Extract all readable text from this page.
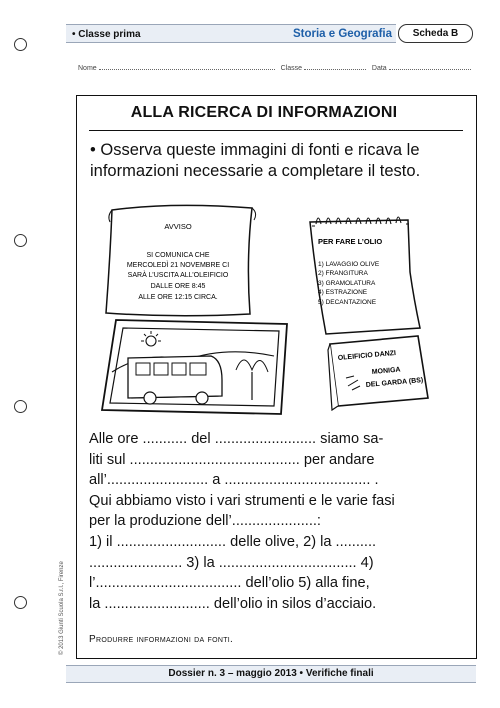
• Classe prima	Storia e Geografia	Scheda B
Nome	Classe	Data
ALLA RICERCA DI INFORMAZIONI
• Osserva queste immagini di fonti e ricava le informazioni necessarie a completare il testo.
AVVISO
SI COMUNICA CHE
MERCOLEDÌ 21 NOVEMBRE CI
SARÀ L’USCITA ALL’OLEIFICIO
DALLE ORE 8:45
ALLE ORE 12:15 CIRCA.
PER FARE L’OLIO
1) LAVAGGIO OLIVE
2) FRANGITURA
3) GRAMOLATURA
4) ESTRAZIONE
5) DECANTAZIONE
OLEIFICIO DANZI
MONIGA
DEL GARDA (BS)
Alle ore ........... del ......................... siamo sa-
liti sul .......................................... per andare
all’......................... a .................................... .
Qui abbiamo visto i vari strumenti e le varie fasi
per la produzione dell’.....................:
1) il ........................... delle olive, 2) la ..........
....................... 3) la .................................. 4)
l’.................................... dell’olio 5) alla fine,
la .......................... dell’olio in silos d’acciaio.
Produrre informazioni da fonti.
© 2013 Giunti Scuola S.r.l., Firenze
Dossier n. 3 – maggio 2013 • Verifiche finali
